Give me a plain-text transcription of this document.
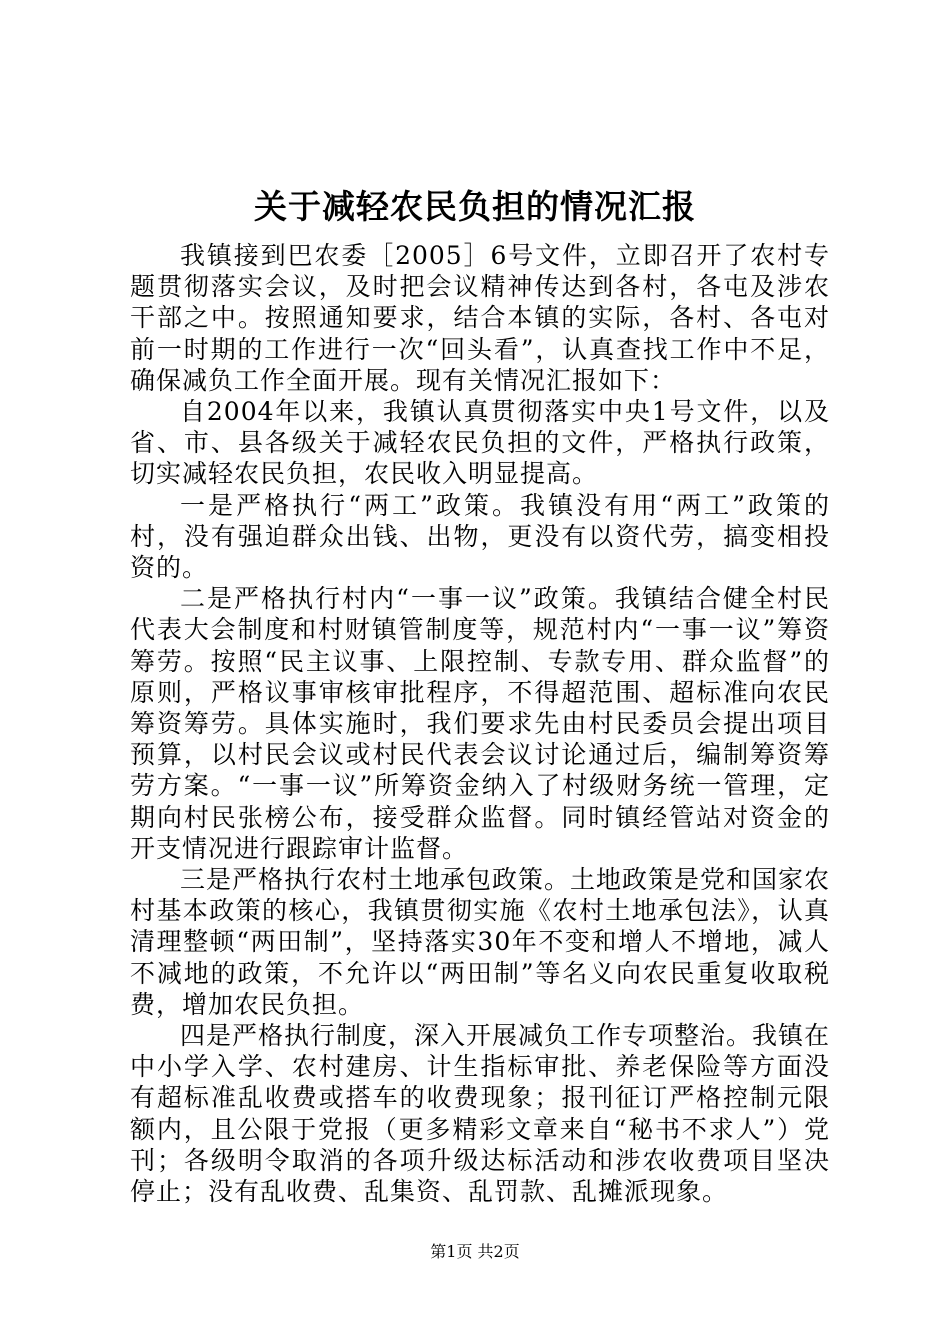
关于减轻农民负担的情况汇报

我镇接到巴农委［2005］6号文件，立即召开了农村专题贯彻落实会议，及时把会议精神传达到各村，各屯及涉农干部之中。按照通知要求，结合本镇的实际，各村、各屯对前一时期的工作进行一次“回头看”，认真查找工作中不足，确保减负工作全面开展。现有关情况汇报如下：

自2004年以来，我镇认真贯彻落实中央1号文件，以及省、市、县各级关于减轻农民负担的文件，严格执行政策，切实减轻农民负担，农民收入明显提高。

一是严格执行“两工”政策。我镇没有用“两工”政策的村，没有强迫群众出钱、出物，更没有以资代劳，搞变相投资的。

二是严格执行村内“一事一议”政策。我镇结合健全村民代表大会制度和村财镇管制度等，规范村内“一事一议”筹资筹劳。按照“民主议事、上限控制、专款专用、群众监督”的原则，严格议事审核审批程序，不得超范围、超标准向农民筹资筹劳。具体实施时，我们要求先由村民委员会提出项目预算，以村民会议或村民代表会议讨论通过后，编制筹资筹劳方案。“一事一议”所筹资金纳入了村级财务统一管理，定期向村民张榜公布，接受群众监督。同时镇经管站对资金的开支情况进行跟踪审计监督。

三是严格执行农村土地承包政策。土地政策是党和国家农村基本政策的核心，我镇贯彻实施《农村土地承包法》，认真清理整顿“两田制”，坚持落实30年不变和增人不增地，减人不减地的政策，不允许以“两田制”等名义向农民重复收取税费，增加农民负担。

四是严格执行制度，深入开展减负工作专项整治。我镇在中小学入学、农村建房、计生指标审批、养老保险等方面没有超标准乱收费或搭车的收费现象；报刊征订严格控制元限额内，且公限于党报（更多精彩文章来自“秘书不求人”）党刊；各级明令取消的各项升级达标活动和涉农收费项目坚决停止；没有乱收费、乱集资、乱罚款、乱摊派现象。

第1页 共2页
